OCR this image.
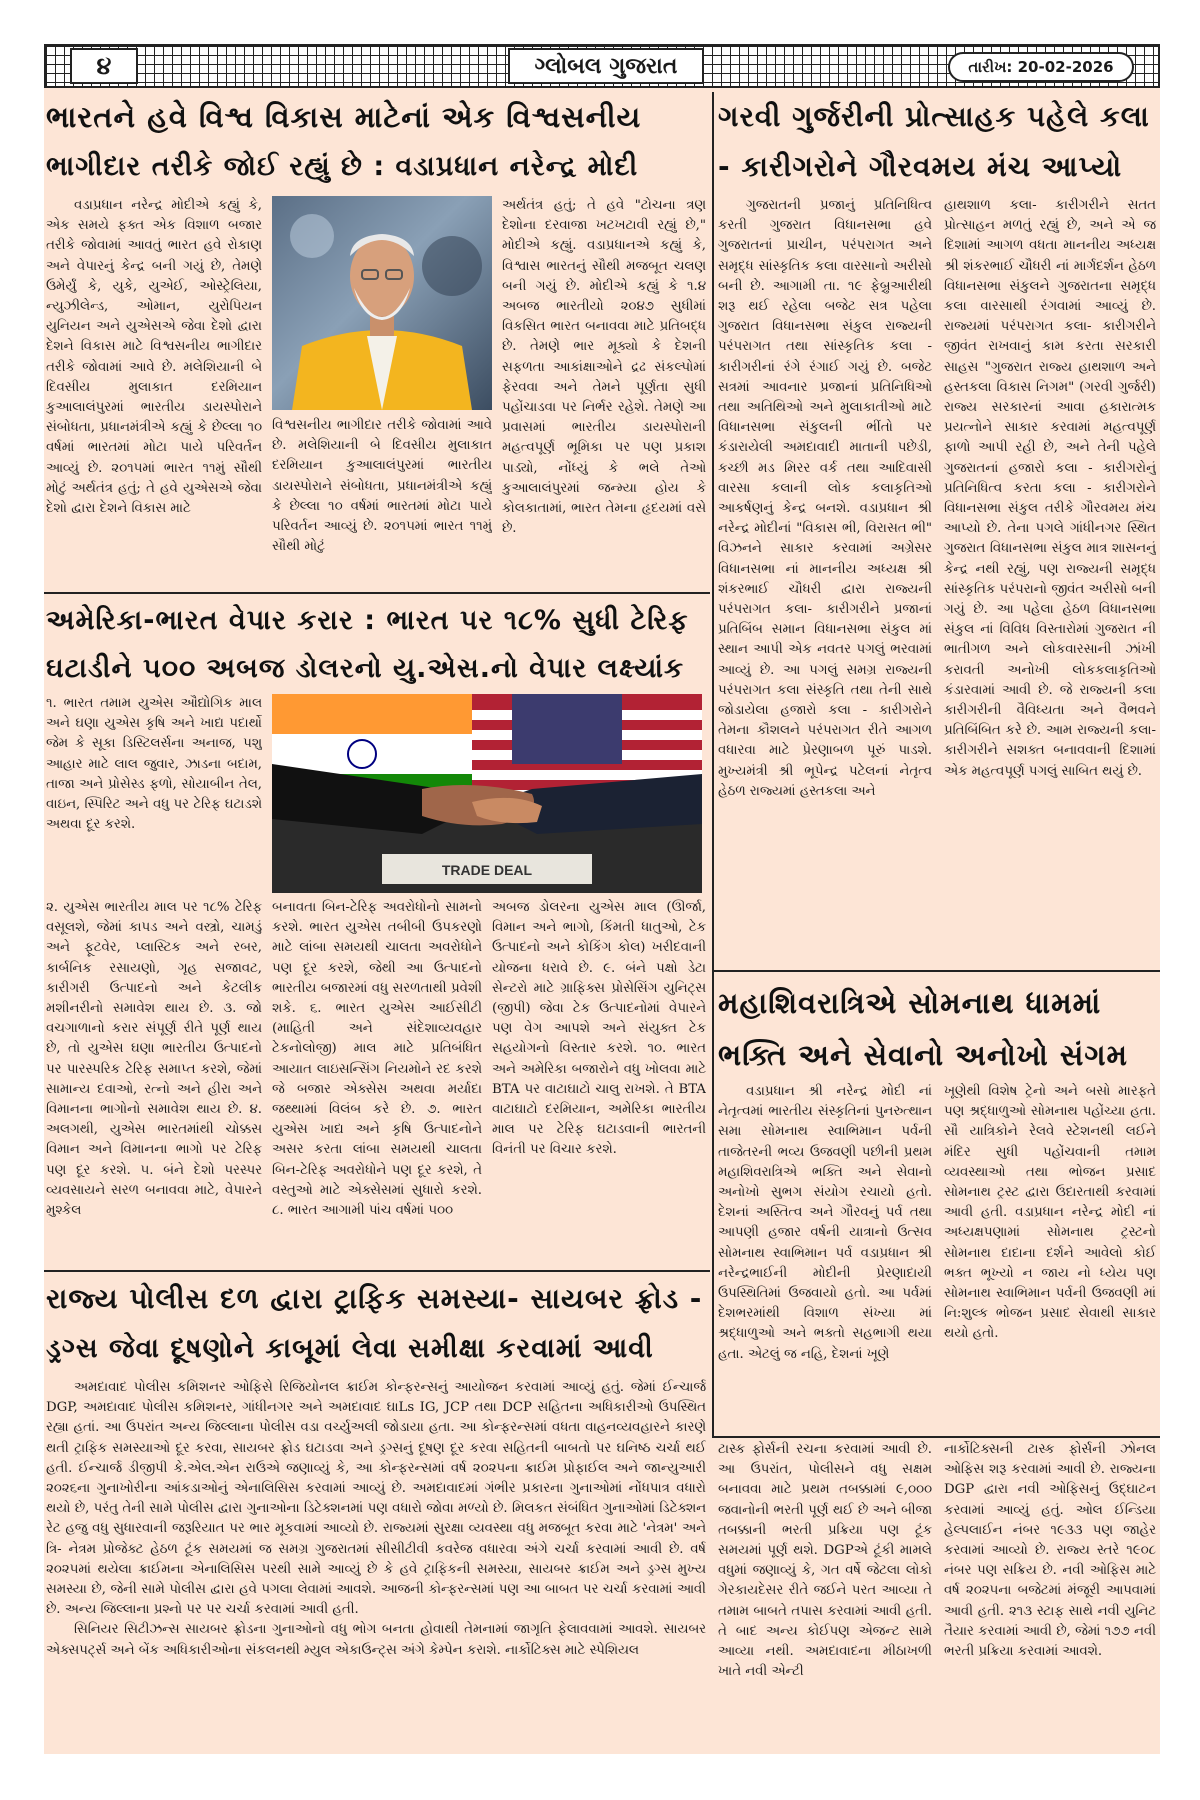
૪	ગ્લોબલ ગુજરાત	તારીખ: 20-02-2026
ભારતને હવે વિશ્વ વિકાસ માટેનાં એક વિશ્વસનીય
ભાગીદાર તરીકે જોઈ રહ્યું છે : વડાપ્રધાન નરેન્દ્ર મોદી

વડાપ્રધાન નરેન્દ્ર મોદીએ કહ્યું કે, એક સમયે ફક્ત એક વિશાળ બજાર તરીકે જોવામાં આવતું ભારત હવે રોકાણ અને વેપારનું કેન્દ્ર બની ગયું છે, તેમણે ઉમેર્યું કે, યુકે, યુએઈ, ઓસ્ટ્રેલિયા, ન્યુઝીલેન્ડ, ઓમાન, યુરોપિયન યુનિયન અને યુએસએ જેવા દેશો દ્વારા દેશને વિકાસ માટે વિશ્વસનીય ભાગીદાર તરીકે જોવામાં આવે છે. મલેશિયાની બે દિવસીય મુલાકાત દરમિયાન કુઆલાલંપુરમાં ભારતીય ડાયસ્પોરાને સંબોધતા, પ્રધાનમંત્રીએ કહ્યું કે છેલ્લા ૧૦ વર્ષમાં ભારતમાં મોટા પાયે પરિવર્તન આવ્યું છે. ૨૦૧૫માં ભારત ૧૧મું સૌથી મોટું અર્થતંત્ર હતું; તે હવે યુએસએ જેવા દેશો દ્વારા દેશને વિકાસ માટે

વિશ્વસનીય ભાગીદાર તરીકે જોવામાં આવે છે. મલેશિયાની બે દિવસીય મુલાકાત દરમિયાન કુઆલાલંપુરમાં ભારતીય ડાયસ્પોરાને સંબોધતા, પ્રધાનમંત્રીએ કહ્યું કે છેલ્લા ૧૦ વર્ષમાં ભારતમાં મોટા પાયે પરિવર્તન આવ્યું છે. ૨૦૧૫માં ભારત ૧૧મું સૌથી મોટું

અર્થતંત્ર હતું; તે હવે "ટોચના ત્રણ દેશોના દરવાજા ખટખટાવી રહ્યું છે," મોદીએ કહ્યું. વડાપ્રધાનએ કહ્યું કે, વિશ્વાસ ભારતનું સૌથી મજબૂત ચલણ બની ગયું છે. મોદીએ કહ્યું કે ૧.૪ અબજ ભારતીયો ૨૦૪૭ સુધીમાં વિકસિત ભારત બનાવવા માટે પ્રતિબદ્ધ છે. તેમણે ભાર મૂક્યો કે દેશની સફળતા આકાંક્ષાઓને દ્રઢ સંકલ્પોમાં ફેરવવા અને તેમને પૂર્ણતા સુધી પહોંચાડવા પર નિર્ભર રહેશે. તેમણે આ પ્રવાસમાં ભારતીય ડાયસ્પોરાની મહત્વપૂર્ણ ભૂમિકા પર પણ પ્રકાશ પાડ્યો, નોંધ્યું કે ભલે તેઓ કુઆલાલંપુરમાં જન્મ્યા હોય કે કોલકાતામાં, ભારત તેમના હૃદયમાં વસે છે.

અમેરિકા-ભારત વેપાર કરાર : ભારત પર ૧૮% સુધી ટેરિફ
ઘટાડીને ૫૦૦ અબજ ડોલરનો યુ.એસ.નો વેપાર લક્ષ્યાંક

૧. ભારત તમામ યુએસ ઔદ્યોગિક માલ અને ઘણા યુએસ કૃષિ અને ખાદ્ય પદાર્થો જેમ કે સૂકા ડિસ્ટિલર્સના અનાજ, પશુ આહાર માટે લાલ જુવાર, ઝાડના બદામ, તાજા અને પ્રોસેસ્ડ ફળો, સોયાબીન તેલ, વાઇન, સ્પિરિટ અને વધુ પર ટેરિફ ઘટાડશે અથવા દૂર કરશે.

TRADE DEAL

૨. યુએસ ભારતીય માલ પર ૧૮% ટેરિફ વસૂલશે, જેમાં કાપડ અને વસ્ત્રો, ચામડું અને ફૂટવેર, પ્લાસ્ટિક અને રબર, કાર્બનિક રસાયણો, ગૃહ સજાવટ, કારીગરી ઉત્પાદનો અને કેટલીક મશીનરીનો સમાવેશ થાય છે. ૩. જો વચગાળાનો કરાર સંપૂર્ણ રીતે પૂર્ણ થાય છે, તો યુએસ ઘણા ભારતીય ઉત્પાદનો પર પારસ્પરિક ટેરિફ સમાપ્ત કરશે, જેમાં સામાન્ય દવાઓ, રત્નો અને હીરા અને વિમાનના ભાગોનો સમાવેશ થાય છે. ૪. અલગથી, યુએસ ભારતમાંથી ચોક્કસ વિમાન અને વિમાનના ભાગો પર ટેરિફ પણ દૂર કરશે. ૫. બંને દેશો પરસ્પર વ્યવસાયને સરળ બનાવવા માટે, વેપારને મુશ્કેલ

બનાવતા બિન-ટેરિફ અવરોધોનો સામનો કરશે. ભારત યુએસ તબીબી ઉપકરણો માટે લાંબા સમયથી ચાલતા અવરોધોને પણ દૂર કરશે, જેથી આ ઉત્પાદનો ભારતીય બજારમાં વધુ સરળતાથી પ્રવેશી શકે. ૬. ભારત યુએસ આઈસીટી (માહિતી અને સંદેશાવ્યવહાર ટેકનોલોજી) માલ માટે પ્રતિબંધિત આયાત લાઇસન્સિંગ નિયમોને રદ કરશે જે બજાર એક્સેસ અથવા મર્યાદા જથ્થામાં વિલંબ કરે છે. ૭. ભારત યુએસ ખાદ્ય અને કૃષિ ઉત્પાદનોને અસર કરતા લાંબા સમયથી ચાલતા બિન-ટેરિફ અવરોધોને પણ દૂર કરશે, તે વસ્તુઓ માટે એક્સેસમાં સુધારો કરશે. ૮. ભારત આગામી પાંચ વર્ષમાં ૫૦૦

અબજ ડોલરના યુએસ માલ (ઊર્જા, વિમાન અને ભાગો, કિંમતી ધાતુઓ, ટેક ઉત્પાદનો અને કોકિંગ કોલ) ખરીદવાની યોજના ધરાવે છે. ૯. બંને પક્ષો ડેટા સેન્ટરો માટે ગ્રાફિક્સ પ્રોસેસિંગ યુનિટ્સ (જીપી) જેવા ટેક ઉત્પાદનોમાં વેપારને પણ વેગ આપશે અને સંયુક્ત ટેક સહયોગનો વિસ્તાર કરશે. ૧૦. ભારત અને અમેરિકા બજારોને વધુ ખોલવા માટે BTA પર વાટાઘાટો ચાલુ રાખશે. તે BTA વાટાઘાટો દરમિયાન, અમેરિકા ભારતીય માલ પર ટેરિફ ઘટાડવાની ભારતની વિનંતી પર વિચાર કરશે.

રાજ્ય પોલીસ દળ દ્વારા ટ્રાફિક સમસ્યા- સાયબર ફ્રોડ -
ડ્રગ્સ જેવા દૂષણોને કાબૂમાં લેવા સમીક્ષા કરવામાં આવી

અમદાવાદ પોલીસ કમિશનર ઓફિસે રિજિયોનલ ક્રાઈમ કોન્ફરન્સનું આયોજન કરવામાં આવ્યું હતું. જેમાં ઈન્ચાર્જ DGP, અમદાવાદ પોલીસ કમિશનર, ગાંધીનગર અને અમદાવાદ ઘાLs IG, JCP તથા DCP સહિતના અધિકારીઓ ઉપસ્થિત રહ્યા હતાં. આ ઉપરાંત અન્ય જિલ્લાના પોલીસ વડા વર્ચ્યુઅલી જોડાયા હતા. આ કોન્ફરન્સમાં વધતા વાહનવ્યવહારને કારણે થતી ટ્રાફિક સમસ્યાઓ દૂર કરવા, સાયબર ફ્રોડ ઘટાડવા અને ડ્રગ્સનું દૂષણ દૂર કરવા સહિતની બાબતો પર ઘનિષ્ઠ ચર્ચા થઈ હતી. ઈન્ચાર્જ ડીજીપી કે.એલ.એન રાઉએ જણાવ્યું કે, આ કોન્ફરન્સમાં વર્ષ ૨૦૨૫ના ક્રાઈમ પ્રોફાઈલ અને જાન્યુઆરી ૨૦૨૬ના ગુનાખોરીના આંકડાઓનું એનાલિસિસ કરવામાં આવ્યું છે. અમદાવાદમાં ગંભીર પ્રકારના ગુનાઓમાં નોંધપાત્ર વધારો થયો છે, પરંતુ તેની સામે પોલીસ દ્વારા ગુનાઓના ડિટેક્શનમાં પણ વધારો જોવા મળ્યો છે. મિલકત સંબંધિત ગુનાઓમાં ડિટેક્શન રેટ હજુ વધુ સુધારવાની જરૂરિયાત પર ભાર મૂકવામાં આવ્યો છે. રાજ્યમાં સુરક્ષા વ્યવસ્થા વધુ મજબૂત કરવા માટે 'નેત્રમ' અને ત્રિ- નેત્રમ પ્રોજેક્ટ હેઠળ ટૂંક સમયમાં જ સમગ્ર ગુજરાતમાં સીસીટીવી કવરેજ વધારવા અંગે ચર્ચા કરવામાં આવી છે. વર્ષ ૨૦૨૫માં થયેલા ક્રાઈમના એનાલિસિસ પરથી સામે આવ્યું છે કે હવે ટ્રાફિકની સમસ્યા, સાયબર ક્રાઈમ અને ડ્રગ્સ મુખ્ય સમસ્યા છે, જેની સામે પોલીસ દ્વારા હવે પગલા લેવામાં આવશે. આજની કોન્ફરન્સમાં પણ આ બાબત પર ચર્ચા કરવામાં આવી છે. અન્ય જિલ્લાના પ્રશ્નો પર પર ચર્ચા કરવામાં આવી હતી.

સિનિયર સિટીઝન્સ સાયબર ફ્રોડના ગુનાઓનો વધુ ભોગ બનતા હોવાથી તેમનામાં જાગૃતિ ફેલાવવામાં આવશે. સાયબર એક્સપર્ટ્સ અને બેંક અધિકારીઓના સંકલનથી મ્યુલ એકાઉન્ટ્સ અંગે કેમ્પેન કરાશે. નાર્કોટિક્સ માટે સ્પેશિયલ

ટાસ્ક ફોર્સની રચના કરવામાં આવી છે. આ ઉપરાંત, પોલીસને વધુ સક્ષમ બનાવવા માટે પ્રથમ તબક્કામાં ૯,૦૦૦ જવાનોની ભરતી પૂર્ણ થઈ છે અને બીજા તબક્કાની ભરતી પ્રક્રિયા પણ ટૂંક સમયમાં પૂર્ણ થશે. DGPએ ટૂંકી મામલે વધુમાં જણાવ્યું કે, ગત વર્ષે જેટલા લોકો ગેરકાયદેસર રીતે જઈને પરત આવ્યા તે તમામ બાબતે તપાસ કરવામાં આવી હતી. તે બાદ અન્ય કોઈપણ એજન્ટ સામે આવ્યા નથી. અમદાવાદના મીઠાખળી ખાતે નવી એન્ટી

નાર્કોટિક્સની ટાસ્ક ફોર્સની ઝોનલ ઓફિસ શરૂ કરવામાં આવી છે. રાજ્યના DGP દ્વારા નવી ઓફિસનું ઉદ્ઘાટન કરવામાં આવ્યું હતું. ઓલ ઈન્ડિયા હેલ્પલાઈન નંબર ૧૯૩૩ પણ જાહેર કરવામાં આવ્યો છે. રાજ્ય સ્તરે ૧૯૦૮ નંબર પણ સક્રિય છે. નવી ઓફિસ માટે વર્ષ ૨૦૨૫ના બજેટમાં મંજૂરી આપવામાં આવી હતી. ૨૧૩ સ્ટાફ સાથે નવી યુનિટ તૈયાર કરવામાં આવી છે, જેમાં ૧૭૭ નવી ભરતી પ્રક્રિયા કરવામાં આવશે.

ગરવી ગુર્જરીની પ્રોત્સાહક પહેલે કલા
- કારીગરોને ગૌરવમય મંચ આપ્યો

ગુજરાતની પ્રજાનું પ્રતિનિધિત્વ કરતી ગુજરાત વિધાનસભા હવે ગુજરાતનાં પ્રાચીન, પરંપરાગત અને સમૃદ્ધ સાંસ્કૃતિક કલા વારસાનો અરીસો બની છે. આગામી તા. ૧૯ ફેબ્રુઆરીથી શરૂ થઈ રહેલા બજેટ સત્ર પહેલા ગુજરાત વિધાનસભા સંકુલ રાજ્યની પરંપરાગત તથા સાંસ્કૃતિક કલા - કારીગરીનાં રંગે રંગાઈ ગયું છે. બજેટ સત્રમાં આવનાર પ્રજાનાં પ્રતિનિધિઓ તથા અતિથિઓ અને મુલાકાતીઓ માટે વિધાનસભા સંકુલની ભીંતો પર કંડારાયેલી અમદાવાદી માતાની પછેડી, કચ્છી મડ મિરર વર્ક તથા આદિવાસી વારસા કલાની લોક કલાકૃતિઓ આકર્ષણનું કેન્દ્ર બનશે. વડાપ્રધાન શ્રી નરેન્દ્ર મોદીનાં "વિકાસ ભી, વિરાસત ભી" વિઝનને સાકાર કરવામાં અગ્રેસર વિધાનસભા નાં માનનીય અધ્યક્ષ શ્રી શંકરભાઈ ચૌધરી દ્વારા રાજ્યની પરંપરાગત કલા- કારીગરીને પ્રજાનાં પ્રતિબિંબ સમાન વિધાનસભા સંકુલ માં સ્થાન આપી એક નવતર પગલું ભરવામાં આવ્યું છે. આ પગલું સમગ્ર રાજ્યની પરંપરાગત કલા સંસ્કૃતિ તથા તેની સાથે જોડાયેલા હજારો કલા - કારીગરોને તેમના કૌશલને પરંપરાગત રીતે આગળ વધારવા માટે પ્રેરણાબળ પૂરું પાડશે. મુખ્યમંત્રી શ્રી ભૂપેન્દ્ર પટેલનાં નેતૃત્વ હેઠળ રાજ્યમાં હસ્તકલા અને

હાથશાળ કલા- કારીગરીને સતત પ્રોત્સાહન મળતું રહ્યું છે, અને એ જ દિશામાં આગળ વધતા માનનીય અધ્યક્ષ શ્રી શંકરભાઈ ચૌધરી નાં માર્ગદર્શન હેઠળ વિધાનસભા સંકુલને ગુજરાતના સમૃદ્ધ કલા વારસાથી રંગવામાં આવ્યું છે. રાજ્યમાં પરંપરાગત કલા- કારીગરીને જીવંત રાખવાનું કામ કરતા સરકારી સાહસ "ગુજરાત રાજ્ય હાથશાળ અને હસ્તકલા વિકાસ નિગમ" (ગરવી ગુર્જરી) રાજ્ય સરકારનાં આવા હકારાત્મક પ્રયત્નોને સાકાર કરવામાં મહત્વપૂર્ણ ફાળો આપી રહી છે, અને તેની પહેલે ગુજરાતનાં હજારો કલા - કારીગરોનું પ્રતિનિધિત્વ કરતા કલા - કારીગરોને વિધાનસભા સંકુલ તરીકે ગૌરવમય મંચ આપ્યો છે. તેના પગલે ગાંધીનગર સ્થિત ગુજરાત વિધાનસભા સંકુલ માત્ર શાસનનું કેન્દ્ર નથી રહ્યું, પણ રાજ્યની સમૃદ્ધ સાંસ્કૃતિક પરંપરાનો જીવંત અરીસો બની ગયું છે. આ પહેલા હેઠળ વિધાનસભા સંકુલ નાં વિવિધ વિસ્તારોમાં ગુજરાત ની ભાતીગળ અને લોકવારસાની ઝાંખી કરાવતી અનોખી લોકકલાકૃતિઓ કંડારવામાં આવી છે. જે રાજ્યની કલા કારીગરીની વૈવિધ્યતા અને વૈભવને પ્રતિબિંબિત કરે છે. આમ રાજ્યની કલા- કારીગરીને સશક્ત બનાવવાની દિશામાં એક મહત્વપૂર્ણ પગલું સાબિત થયું છે.

મહાશિવરાત્રિએ સોમનાથ ધામમાં
ભક્તિ અને સેવાનો અનોખો સંગમ

વડાપ્રધાન શ્રી નરેન્દ્ર મોદી નાં નેતૃત્વમાં ભારતીય સંસ્કૃતિનાં પુનરુત્થાન સમા સોમનાથ સ્વાભિમાન પર્વની તાજેતરની ભવ્ય ઉજવણી પછીની પ્રથમ મહાશિવરાત્રિએ ભક્તિ અને સેવાનો અનોખો સુભગ સંયોગ રચાયો હતો. દેશનાં અસ્તિત્વ અને ગૌરવનું પર્વ તથા આપણી હજાર વર્ષની યાત્રાનો ઉત્સવ સોમનાથ સ્વાભિમાન પર્વ વડાપ્રધાન શ્રી નરેન્દ્રભાઈની મોદીની પ્રેરણાદાયી ઉપસ્થિતિમાં ઉજવાયો હતો. આ પર્વમાં દેશભરમાંથી વિશાળ સંખ્યા માં શ્રદ્ધાળુઓ અને ભક્તો સહભાગી થયા હતા. એટલું જ નહિ, દેશનાં ખૂણે

ખૂણેથી વિશેષ ટ્રેનો અને બસો મારફતે પણ શ્રદ્ધાળુઓ સોમનાથ પહોંચ્યા હતા. સૌ યાત્રિકોને રેલવે સ્ટેશનથી લઈને મંદિર સુધી પહોંચવાની તમામ વ્યવસ્થાઓ તથા ભોજન પ્રસાદ સોમનાથ ટ્રસ્ટ દ્વારા ઉદારતાથી કરવામાં આવી હતી. વડાપ્રધાન નરેન્દ્ર મોદી નાં અધ્યક્ષપણામાં સોમનાથ ટ્રસ્ટનો સોમનાથ દાદાના દર્શને આવેલો કોઈ ભક્ત ભૂખ્યો ન જાય નો ધ્યેય પણ સોમનાથ સ્વાભિમાન પર્વની ઉજવણી માં નિ:શુલ્ક ભોજન પ્રસાદ સેવાથી સાકાર થયો હતો.
